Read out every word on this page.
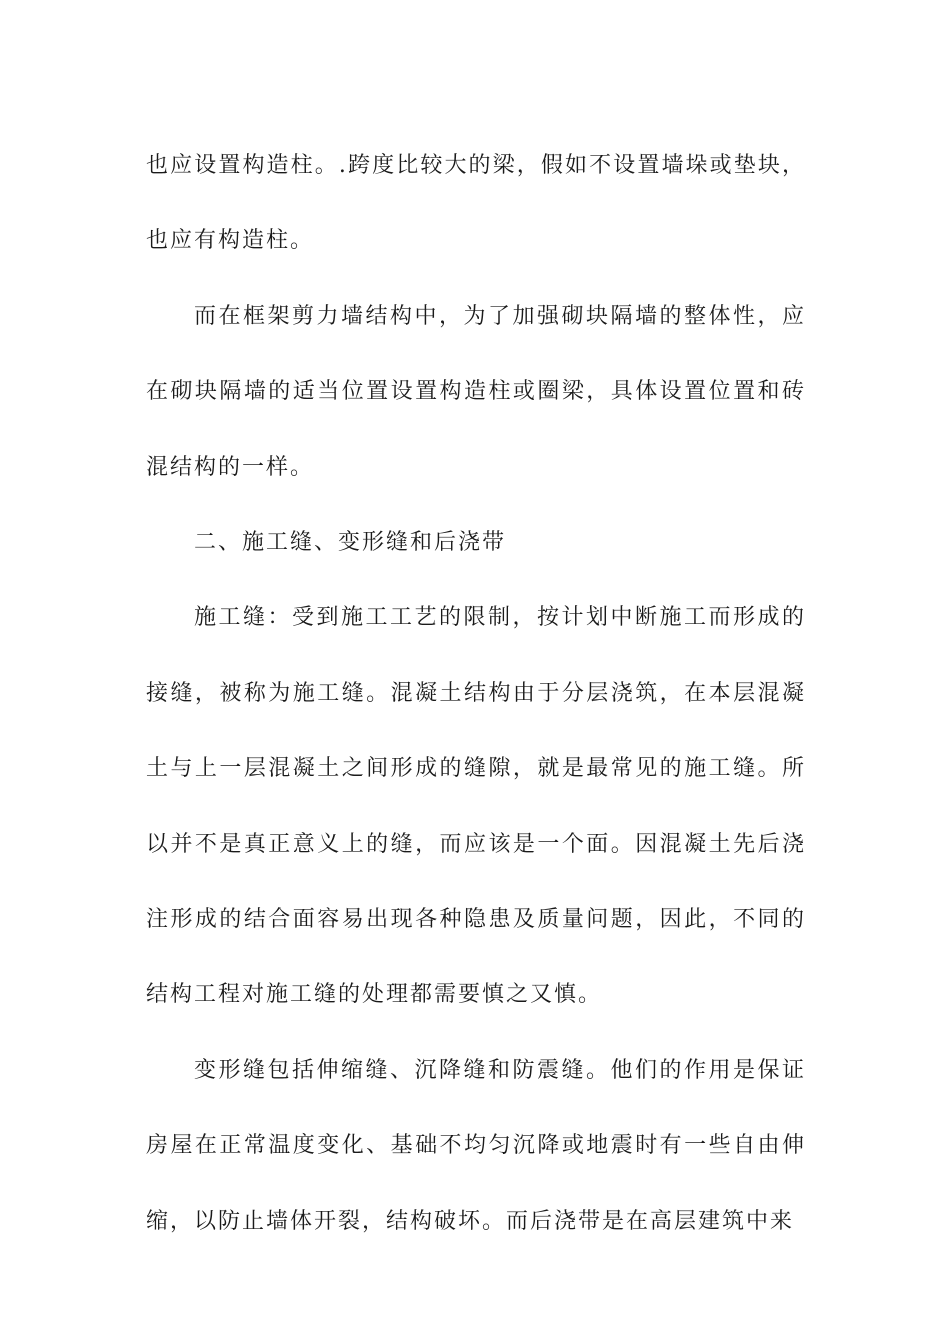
也应设置构造柱。.跨度比较大的梁，假如不设置墙垛或垫块，也应有构造柱。

而在框架剪力墙结构中，为了加强砌块隔墙的整体性，应在砌块隔墙的适当位置设置构造柱或圈梁，具体设置位置和砖混结构的一样。

二、施工缝、变形缝和后浇带

施工缝：受到施工工艺的限制，按计划中断施工而形成的接缝，被称为施工缝。混凝土结构由于分层浇筑，在本层混凝土与上一层混凝土之间形成的缝隙，就是最常见的施工缝。所以并不是真正意义上的缝，而应该是一个面。因混凝土先后浇注形成的结合面容易出现各种隐患及质量问题，因此，不同的结构工程对施工缝的处理都需要慎之又慎。

变形缝包括伸缩缝、沉降缝和防震缝。他们的作用是保证房屋在正常温度变化、基础不均匀沉降或地震时有一些自由伸缩，以防止墙体开裂，结构破坏。而后浇带是在高层建筑中来
